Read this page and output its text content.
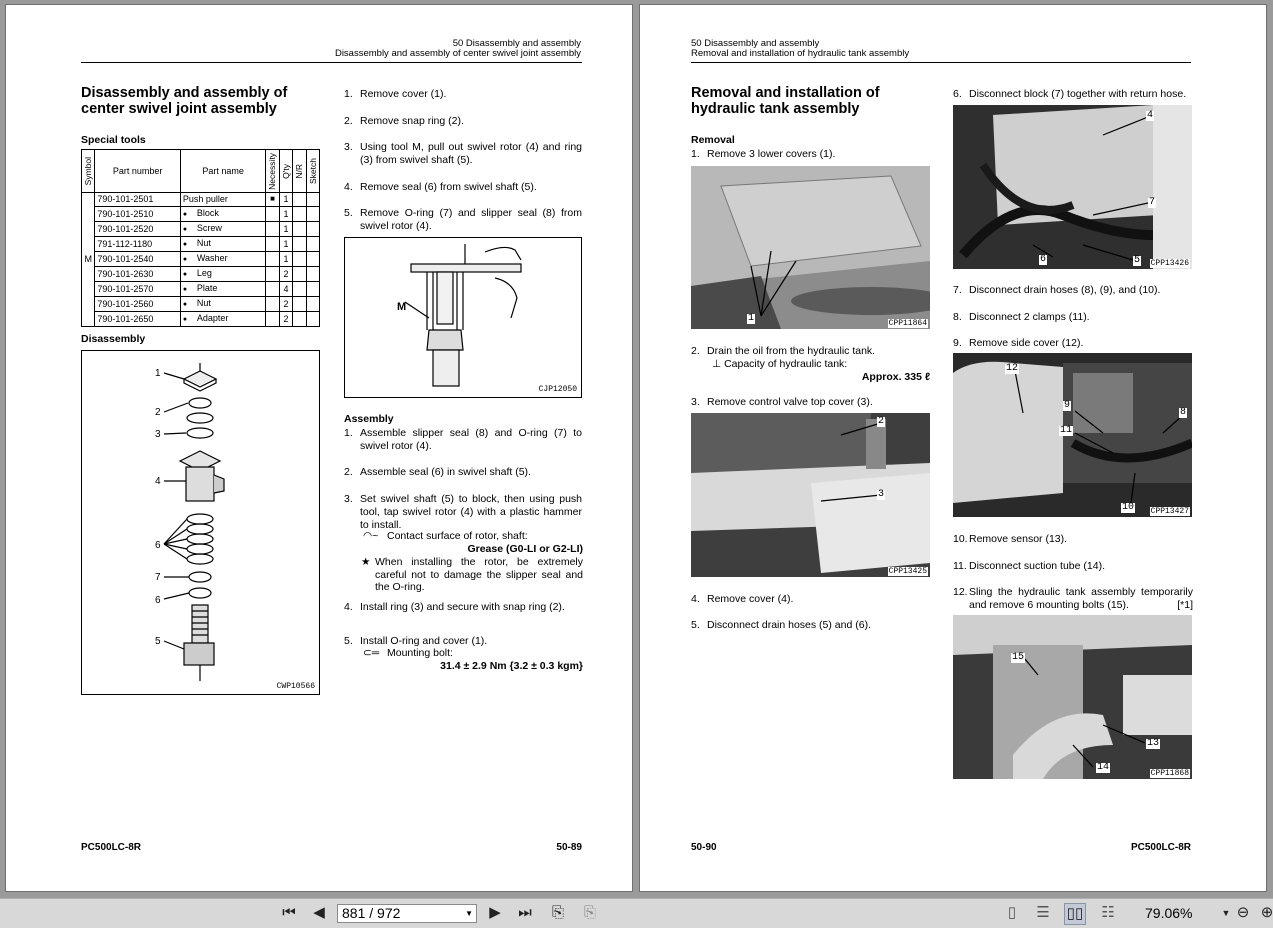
50 Disassembly and assembly
Disassembly and assembly of center swivel joint assembly
Disassembly and assembly of
center swivel joint assembly
Special tools
Symbol	Part number	Part name	Necessity	Q'ty	N/R	Sketch

M	790-101-2501	Push puller	■	1		
	790-101-2510	● Block		1		
	790-101-2520	● Screw		1		
	791-112-1180	● Nut		1		
	790-101-2540	● Washer		1		
	790-101-2630	● Leg		2		
	790-101-2570	● Plate		4		
	790-101-2560	● Nut		2		
	790-101-2650	● Adapter		2		
Disassembly
1
2
3
4
6
7
6
5
CWP10566
M
CJP12050
Assembly
◠~ Contact surface of rotor, shaft:
Grease (G0-LI or G2-LI)
★ When installing the rotor, be extremely careful not to damage the slipper seal and the O-ring.
⊂═ Mounting bolt:
31.4 ± 2.9 Nm {3.2 ± 0.3 kgm}
PC500LC-8R	50-89
1. Remove cover (1).
2. Remove snap ring (2).
3. Using tool M, pull out swivel rotor (4) and ring (3) from swivel shaft (5).
4. Remove seal (6) from swivel shaft (5).
5. Remove O-ring (7) and slipper seal (8) from swivel rotor (4).
1. Assemble slipper seal (8) and O-ring (7) to swivel rotor (4).
2. Assemble seal (6) in swivel shaft (5).
3. Set swivel shaft (5) to block, then using push tool, tap swivel rotor (4) with a plastic hammer to install.
4. Install ring (3) and secure with snap ring (2).
5. Install O-ring and cover (1).
50 Disassembly and assembly
Removal and installation of hydraulic tank assembly
Removal and installation of
hydraulic tank assembly
Removal
1. Remove 3 lower covers (1).
1	CPP11864
2. Drain the oil from the hydraulic tank.
⊥ Capacity of hydraulic tank:
Approx. 335 ℓ
3. Remove control valve top cover (3).
2
3
CPP13425
4. Remove cover (4).
5. Disconnect drain hoses (5) and (6).
6. Disconnect block (7) together with return hose.
4
7
6	5 CPP13426
7. Disconnect drain hoses (8), (9), and (10).
8. Disconnect 2 clamps (11).
9. Remove side cover (12).
12
9
11
8
10 CPP13427
10. Remove sensor (13).
11. Disconnect suction tube (14).
12. Sling the hydraulic tank assembly temporarily and remove 6 mounting bolts (15).	[*1]
15
13
14
CPP11868
50-90	PC500LC-8R
⏮ ◀	881 / 972	▼ ▶ ⏭ ⎘ ⎘	▯	☰ ▯▯ ☷ 79.06%	▼ ⊖ ⊕
